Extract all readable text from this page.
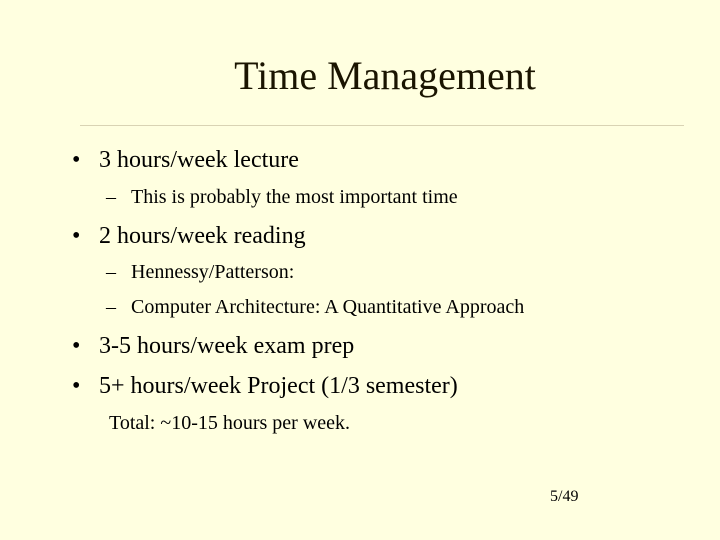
Time Management
• 3 hours/week lecture
– This is probably the most important time
• 2 hours/week reading
– Hennessy/Patterson:
– Computer Architecture: A Quantitative Approach
• 3-5 hours/week exam prep
• 5+ hours/week Project (1/3 semester)
Total: ~10-15 hours per week.
5/49
